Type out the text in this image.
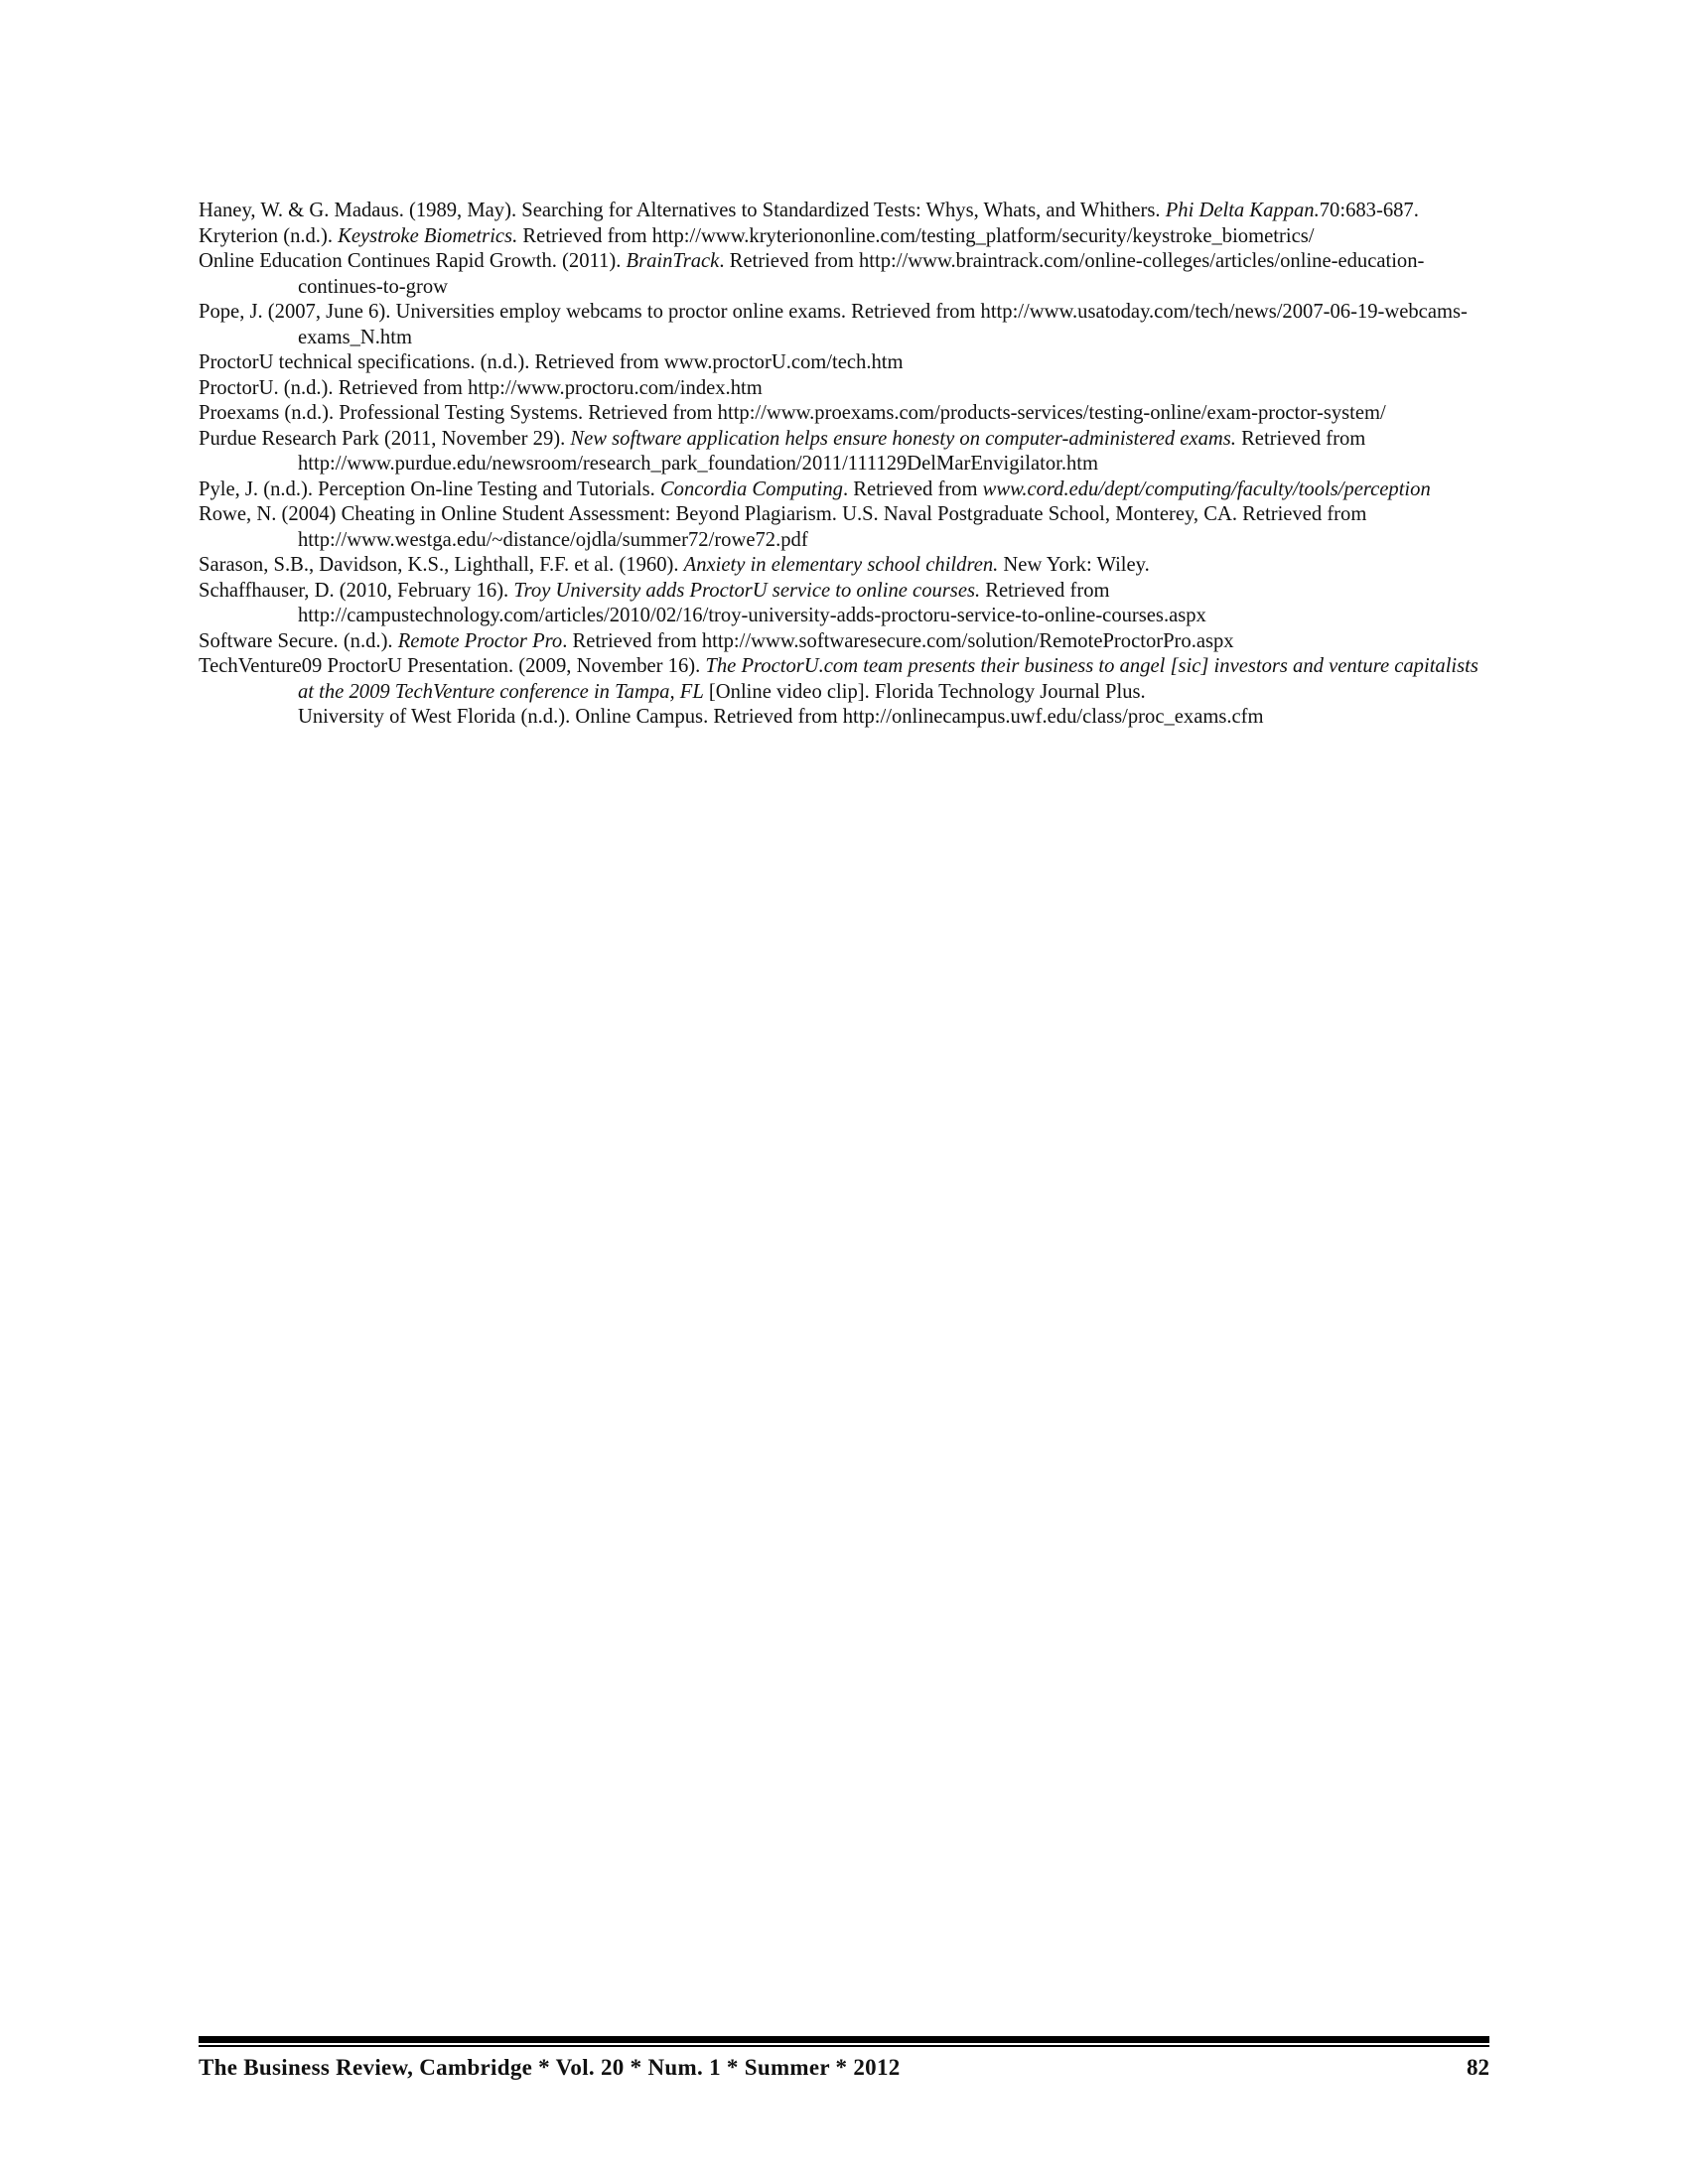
Haney, W. & G. Madaus. (1989, May). Searching for Alternatives to Standardized Tests: Whys, Whats, and Whithers. Phi Delta Kappan.70:683-687.
Kryterion (n.d.). Keystroke Biometrics. Retrieved from http://www.kryteriononline.com/testing_platform/security/keystroke_biometrics/
Online Education Continues Rapid Growth. (2011). BrainTrack. Retrieved from http://www.braintrack.com/online-colleges/articles/online-education-continues-to-grow
Pope, J. (2007, June 6). Universities employ webcams to proctor online exams. Retrieved from http://www.usatoday.com/tech/news/2007-06-19-webcams-exams_N.htm
ProctorU technical specifications. (n.d.). Retrieved from www.proctorU.com/tech.htm
ProctorU. (n.d.). Retrieved from http://www.proctoru.com/index.htm
Proexams (n.d.). Professional Testing Systems. Retrieved from http://www.proexams.com/products-services/testing-online/exam-proctor-system/
Purdue Research Park (2011, November 29). New software application helps ensure honesty on computer-administered exams. Retrieved from http://www.purdue.edu/newsroom/research_park_foundation/2011/111129DelMarEnvigilator.htm
Pyle, J. (n.d.). Perception On-line Testing and Tutorials. Concordia Computing. Retrieved from www.cord.edu/dept/computing/faculty/tools/perception
Rowe, N. (2004) Cheating in Online Student Assessment: Beyond Plagiarism. U.S. Naval Postgraduate School, Monterey, CA. Retrieved from http://www.westga.edu/~distance/ojdla/summer72/rowe72.pdf
Sarason, S.B., Davidson, K.S., Lighthall, F.F. et al. (1960). Anxiety in elementary school children. New York: Wiley.
Schaffhauser, D. (2010, February 16). Troy University adds ProctorU service to online courses. Retrieved from http://campustechnology.com/articles/2010/02/16/troy-university-adds-proctoru-service-to-online-courses.aspx
Software Secure. (n.d.). Remote Proctor Pro. Retrieved from http://www.softwaresecure.com/solution/RemoteProctorPro.aspx
TechVenture09 ProctorU Presentation. (2009, November 16). The ProctorU.com team presents their business to angel [sic] investors and venture capitalists at the 2009 TechVenture conference in Tampa, FL [Online video clip]. Florida Technology Journal Plus.
University of West Florida (n.d.). Online Campus. Retrieved from http://onlinecampus.uwf.edu/class/proc_exams.cfm
The Business Review, Cambridge * Vol. 20 * Num. 1 * Summer * 2012	82
